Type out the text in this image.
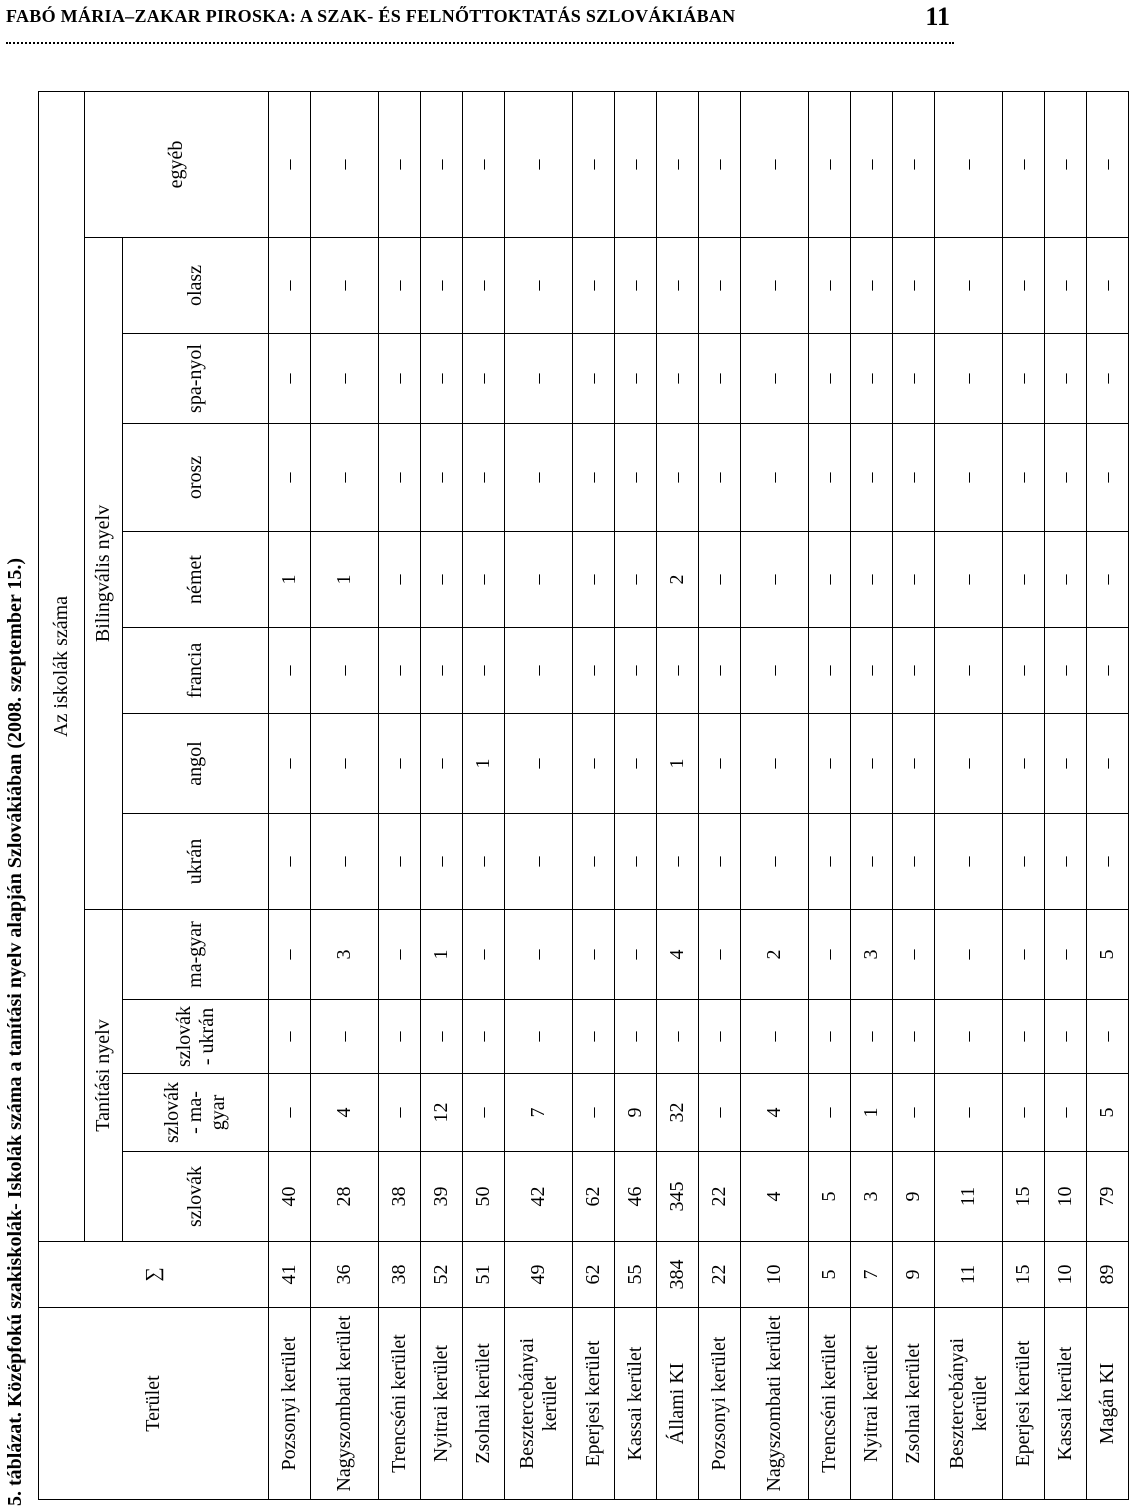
FABÓ MÁRIA–ZAKAR PIROSKA: A SZAK- ÉS FELNŐTTOKTATÁS SZLOVÁKIÁBAN	11
5. táblázat. Középfokú szakiskolák- Iskolák száma a tanítási nyelv alapján Szlovákiában (2008. szeptember 15.)	Terület	∑	Az iskolák száma											
		Tanítási nyelv				Bilingvális nyelv							egyéb
		szlovák	szlovák - ma-gyar	szlovák - ukrán	ma-gyar	ukrán	angol	francia	német	orosz	spa-nyol	olasz	
Pozsonyi kerület	41	40	–	–	–	–	–	–	1	–	–	–	–
Nagyszombati kerület	36	28	4	–	3	–	–	–	1	–	–	–	–
Trencséni kerület	38	38	–	–	–	–	–	–	–	–	–	–	–
Nyitrai kerület	52	39	12	–	1	–	–	–	–	–	–	–	–
Zsolnai kerület	51	50	–	–	–	–	1	–	–	–	–	–	–
Besztercebányai kerület	49	42	7	–	–	–	–	–	–	–	–	–	–
Eperjesi kerület	62	62	–	–	–	–	–	–	–	–	–	–	–
Kassai kerület	55	46	9	–	–	–	–	–	–	–	–	–	–
Állami KI	384	345	32	–	4	–	1	–	2	–	–	–	–
Pozsonyi kerület	22	22	–	–	–	–	–	–	–	–	–	–	–
Nagyszombati kerület	10	4	4	–	2	–	–	–	–	–	–	–	–
Trencséni kerület	5	5	–	–	–	–	–	–	–	–	–	–	–
Nyitrai kerület	7	3	1	–	3	–	–	–	–	–	–	–	–
Zsolnai kerület	9	9	–	–	–	–	–	–	–	–	–	–	–
Besztercebányai kerület	11	11	–	–	–	–	–	–	–	–	–	–	–
Eperjesi kerület	15	15	–	–	–	–	–	–	–	–	–	–	–
Kassai kerület	10	10	–	–	–	–	–	–	–	–	–	–	–
Magán KI	89	79	5	–	5	–	–	–	–	–	–	–	–
